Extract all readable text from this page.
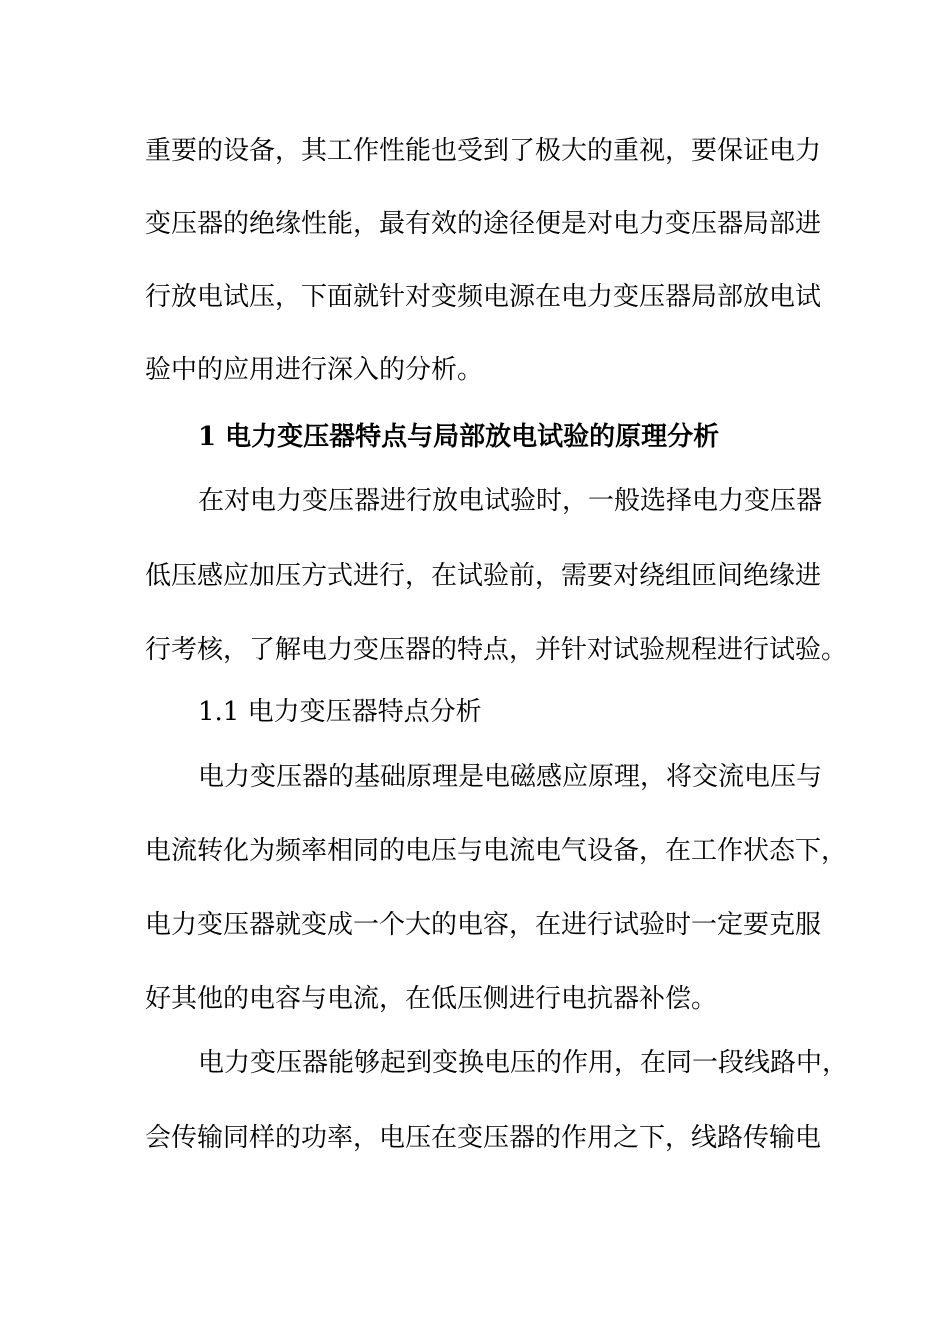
重要的设备，其工作性能也受到了极大的重视，要保证电力
变压器的绝缘性能，最有效的途径便是对电力变压器局部进
行放电试压，下面就针对变频电源在电力变压器局部放电试
验中的应用进行深入的分析。
1 电力变压器特点与局部放电试验的原理分析
在对电力变压器进行放电试验时，一般选择电力变压器
低压感应加压方式进行，在试验前，需要对绕组匝间绝缘进
行考核，了解电力变压器的特点，并针对试验规程进行试验。
1.1 电力变压器特点分析
电力变压器的基础原理是电磁感应原理，将交流电压与
电流转化为频率相同的电压与电流电气设备，在工作状态下，
电力变压器就变成一个大的电容，在进行试验时一定要克服
好其他的电容与电流，在低压侧进行电抗器补偿。
电力变压器能够起到变换电压的作用，在同一段线路中，
会传输同样的功率，电压在变压器的作用之下，线路传输电
